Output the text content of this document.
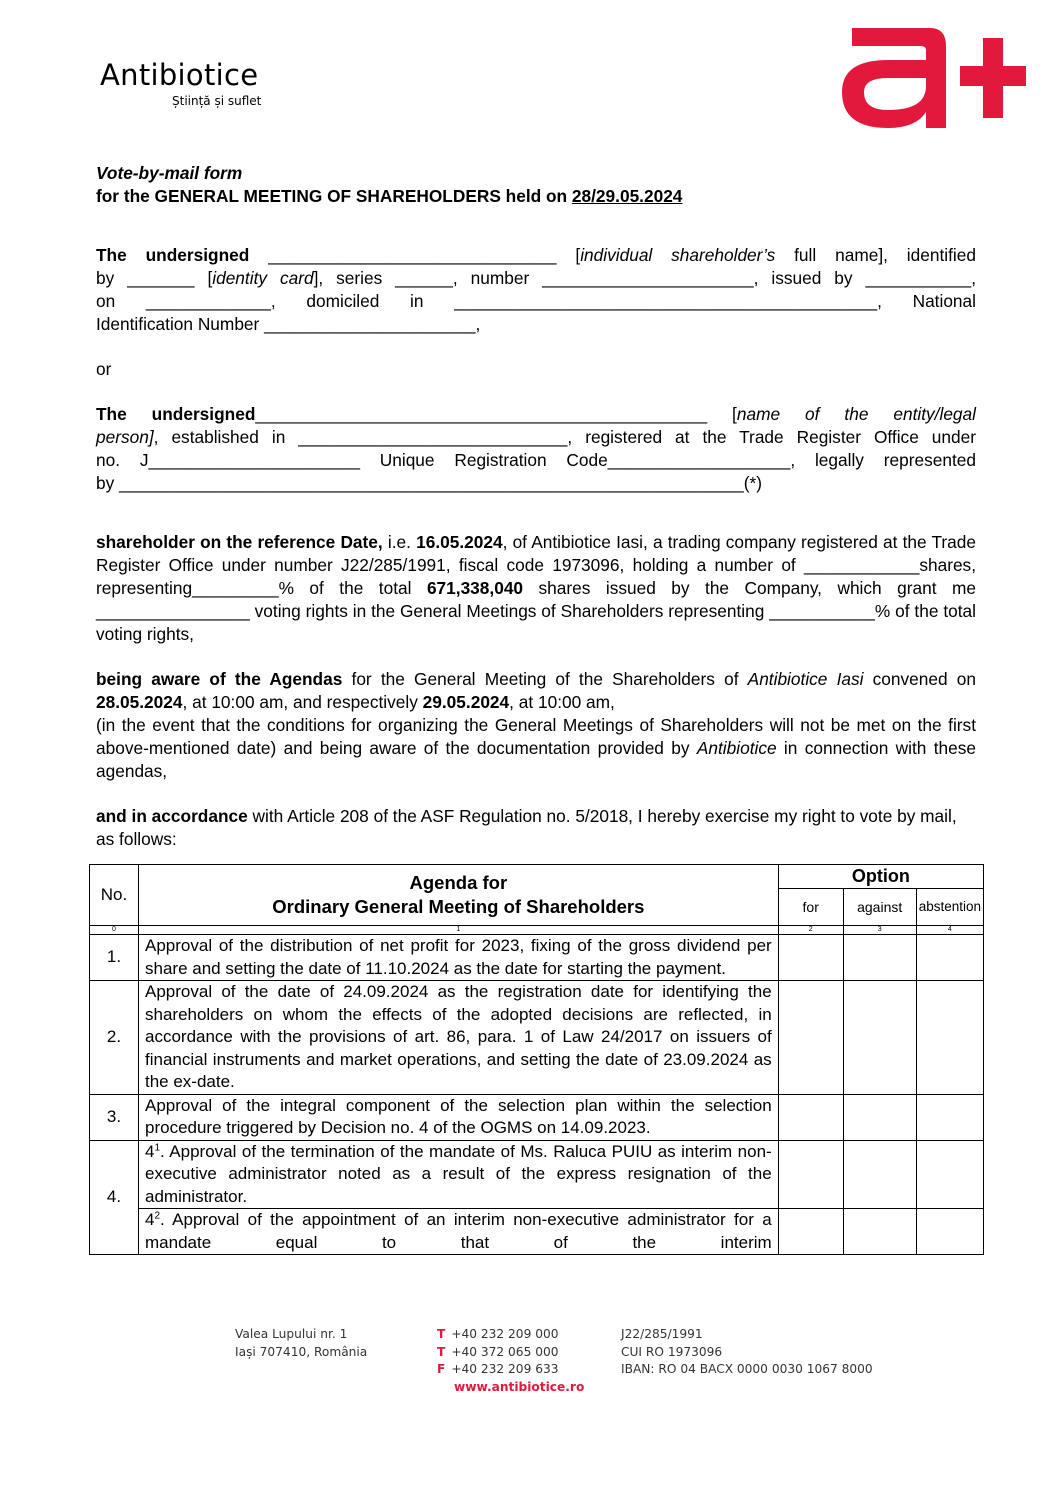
Antibiotice
Știință și suflet

Vote-by-mail form

for the GENERAL MEETING OF SHAREHOLDERS held on 28/29.05.2024

The undersigned ______________________________ [individual shareholder’s full name], identified

by _______ [identity card], series ______, number ______________________, issued by ___________,

on _____________, domiciled in ____________________________________________, National

Identification Number ______________________,

or

The undersigned_______________________________________________ [name of the entity/legal

person], established in ____________________________, registered at the Trade Register Office under

no. J______________________ Unique Registration Code___________________, legally represented

by _________________________________________________________________(*)

shareholder on the reference Date, i.e. 16.05.2024, of Antibiotice Iasi, a trading company registered at the Trade Register Office under number J22/285/1991, fiscal code 1973096, holding a number of ____________shares, representing_________% of the total 671,338,040 shares issued by the Company, which grant me ________________ voting rights in the General Meetings of Shareholders representing ___________% of the total voting rights,

being aware of the Agendas for the General Meeting of the Shareholders of Antibiotice Iasi convened on 28.05.2024, at 10:00 am, and respectively 29.05.2024, at 10:00 am,

(in the event that the conditions for organizing the General Meetings of Shareholders will not be met on the first above-mentioned date) and being aware of the documentation provided by Antibiotice in connection with these agendas,

and in accordance with Article 208 of the ASF Regulation no. 5/2018, I hereby exercise my right to vote by mail, as follows:

No.	Agenda for
Ordinary General Meeting of Shareholders	Option		
		for	against	abstention
0	1	2	3	4
1.	Approval of the distribution of net profit for 2023, fixing of the gross dividend per share and setting the date of 11.10.2024 as the date for starting the payment.			
2.	Approval of the date of 24.09.2024 as the registration date for identifying the shareholders on whom the effects of the adopted decisions are reflected, in accordance with the provisions of art. 86, para. 1 of Law 24/2017 on issuers of financial instruments and market operations, and setting the date of 23.09.2024 as the ex-date.			
3.	Approval of the integral component of the selection plan within the selection procedure triggered by Decision no. 4 of the OGMS on 14.09.2023.			
4.	$4^1$. Approval of the termination of the mandate of Ms. Raluca PUIU as interim non-executive administrator noted as a result of the express resignation of the administrator.			
	$4^2$. Approval of the appointment of an interim non-executive administrator for a mandate equal to that of the interim			
Valea Lupului nr. 1
Iași 707410, România
T +40 232 209 000
T +40 372 065 000
F +40 232 209 633
www.antibiotice.ro
J22/285/1991
CUI RO 1973096
IBAN: RO 04 BACX 0000 0030 1067 8000
